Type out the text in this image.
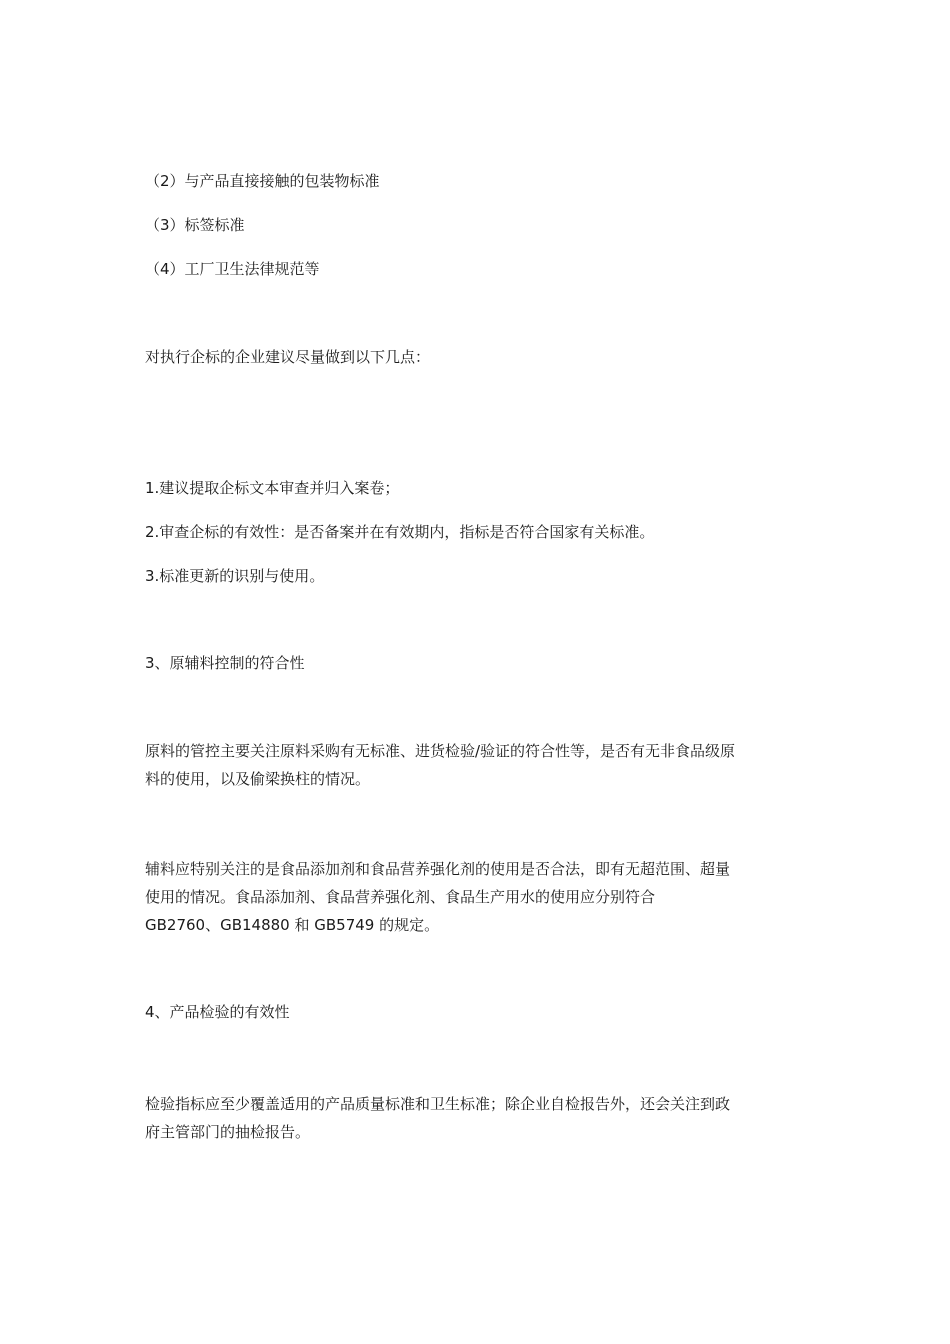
（2）与产品直接接触的包装物标准

（3）标签标准

（4）工厂卫生法律规范等

对执行企标的企业建议尽量做到以下几点：

1.建议提取企标文本审查并归入案卷；

2.审查企标的有效性：是否备案并在有效期内，指标是否符合国家有关标准。

3.标准更新的识别与使用。

3、原辅料控制的符合性

原料的管控主要关注原料采购有无标准、进货检验/验证的符合性等，是否有无非食品级原
料的使用，以及偷梁换柱的情况。
辅料应特别关注的是食品添加剂和食品营养强化剂的使用是否合法，即有无超范围、超量
使用的情况。食品添加剂、食品营养强化剂、食品生产用水的使用应分别符合
GB2760、GB14880 和 GB5749 的规定。

4、产品检验的有效性

检验指标应至少覆盖适用的产品质量标准和卫生标准；除企业自检报告外，还会关注到政
府主管部门的抽检报告。
